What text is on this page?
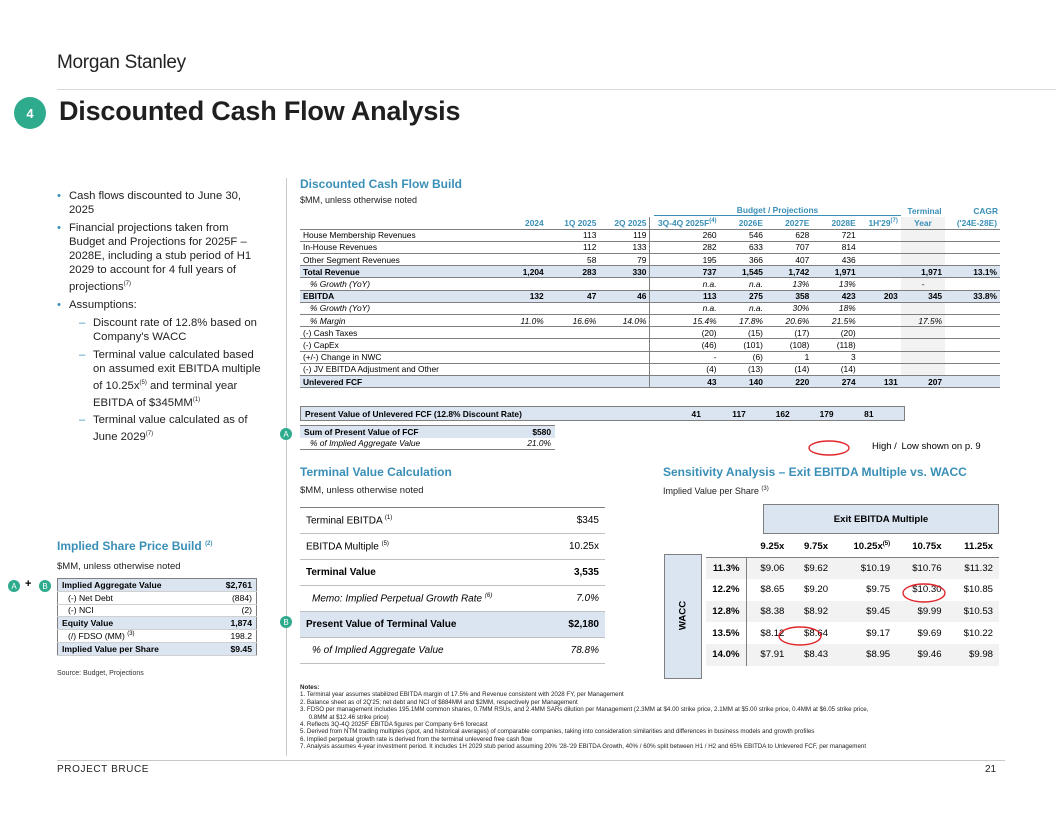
Morgan Stanley
4 Discounted Cash Flow Analysis
• Cash flows discounted to June 30, 2025
• Financial projections taken from Budget and Projections for 2025F – 2028E, including a stub period of H1 2029 to account for 4 full years of projections$^{(7)}$
• Assumptions:
– Discount rate of 12.8% based on Company's WACC
– Terminal value calculated based on assumed exit EBITDA multiple of $10.25x^{(5)}$ and terminal year EBITDA of $345MM$^{(1)}$
– Terminal value calculated as of June 2029$^{(7)}$
Discounted Cash Flow Build
$MM, unless otherwise noted
Budget / Projections	Terminal	CAGR
	2024	1Q 2025	2Q 2025	3Q-4Q $2025F^{(4)}$	2026E	2027E	2028E	1H'29$^{(7)}$	Year	('24E-28E)
House Membership Revenues		113	119	260	546	628	721			
In-House Revenues		112	133	282	633	707	814			
Other Segment Revenues		58	79	195	366	407	436			
Total Revenue	1,204	283	330	737	1,545	1,742	1,971		1,971	13.1%
% Growth (YoY)				n.a.	n.a.	13%	13%		-	
EBITDA	132	47	46	113	275	358	423	203	345	33.8%
% Growth (YoY)				n.a.	n.a.	30%	18%			
% Margin	11.0%	16.6%	14.0%	15.4%	17.8%	20.6%	21.5%		17.5%	
(-) Cash Taxes				(20)	(15)	(17)	(20)			
(-) CapEx				(46)	(101)	(108)	(118)			
(+/-) Change in NWC				-	(6)	1	3			
(-) JV EBITDA Adjustment and Other				(4)	(13)	(14)	(14)			
Unlevered FCF				43	140	220	274	131	207	
Present Value of Unlevered FCF (12.8% Discount Rate)	41	117	162	179	81	
A	Sum of Present Value of FCF	$580
% of Implied Aggregate Value	21.0%	High / Low shown on p. 9
Terminal Value Calculation
$MM, unless otherwise noted
B
Terminal EBITDA $^{(1)}$	$345
EBITDA Multiple $^{(5)}$	10.25x
Terminal Value	3,535
Memo: Implied Perpetual Growth Rate $^{(6)}$	7.0%
Present Value of Terminal Value	$2,180
% of Implied Aggregate Value	78.8%
Implied Share Price Build $^{(2)}$
$MM, unless otherwise noted
A +	B	Implied Aggregate Value	$2,761
(-) Net Debt	(884)
(-) NCI	(2)
Equity Value	1,874
(/) FDSO (MM) $^{(3)}$	198.2
Implied Value per Share	$9.45
Source: Budget, Projections
Sensitivity Analysis – Exit EBITDA Multiple vs. WACC
Implied Value per Share $^{(3)}$
Exit EBITDA Multiple
WACC
	9.25x	9.75x	$10.25x^{(5)}$	10.75x	11.25x
11.3%	$9.06	$9.62	$10.19	$10.76	$11.32
12.2%	$8.65	$9.20	$9.75	$10.30	$10.85
12.8%	$8.38	$8.92	$9.45	$9.99	$10.53
13.5%	$8.12	$8.64	$9.17	$9.69	$10.22
14.0%	$7.91	$8.43	$8.95	$9.46	$9.98
Notes:
1. Terminal year assumes stabilized EBITDA margin of 17.5% and Revenue consistent with 2028 FY, per Management
2. Balance sheet as of 2Q'25; net debt and NCI of $884MM and $2MM, respectively per Management
3. FDSO per management includes 195.1MM common shares, 0.7MM RSUs, and 2.4MM SARs dilution per Management (2.3MM at $4.00 strike price, 2.1MM at $5.00 strike price, 0.4MM at $6.05 strike price,
0.8MM at $12.46 strike price)
4. Reflects 3Q-4Q 2025F EBITDA figures per Company 6+6 forecast
5. Derived from NTM trading multiples (spot, and historical averages) of comparable companies, taking into consideration similarities and differences in business models and growth profiles
6. Implied perpetual growth rate is derived from the terminal unlevered free cash flow
7. Analysis assumes 4-year investment period. It includes 1H 2029 stub period assuming 20% '28-'29 EBITDA Growth, 40% / 60% split between H1 / H2 and 65% EBITDA to Unlevered FCF, per management
PROJECT BRUCE	21
